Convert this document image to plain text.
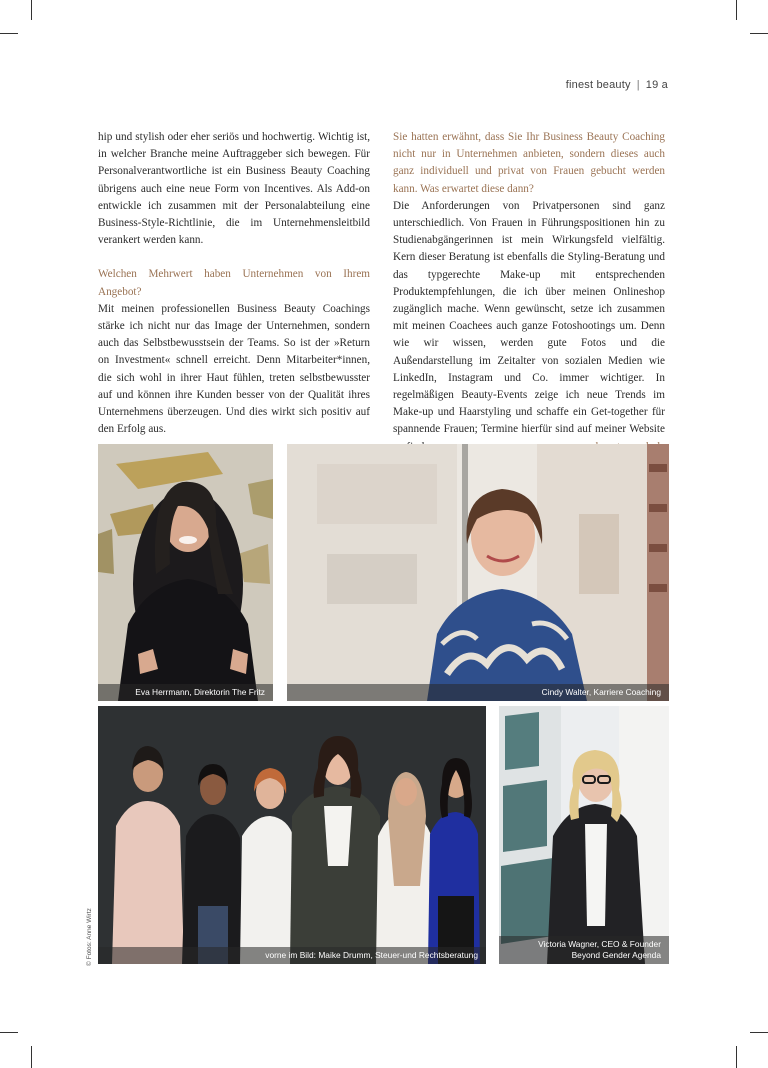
finest beauty | 19 a

hip und stylish oder eher seriös und hochwertig. Wichtig ist, in welcher Branche meine Auftraggeber sich bewegen. Für Personalverantwortliche ist ein Business Beauty Coaching übrigens auch eine neue Form von Incentives. Als Add-on entwickle ich zusammen mit der Personalabteilung eine Business-Style-Richtlinie, die im Unternehmensleitbild verankert werden kann.

Welchen Mehrwert haben Unternehmen von Ihrem Angebot?

Mit meinen professionellen Business Beauty Coachings stärke ich nicht nur das Image der Unternehmen, sondern auch das Selbstbewusstsein der Teams. So ist der »Return on Investment« schnell erreicht. Denn Mitarbeiter*innen, die sich wohl in ihrer Haut fühlen, treten selbstbewusster auf und können ihre Kunden besser von der Qualität ihres Unternehmens überzeugen. Und dies wirkt sich positiv auf den Erfolg aus.

Sie hatten erwähnt, dass Sie Ihr Business Beauty Coaching nicht nur in Unternehmen anbieten, sondern dieses auch ganz individuell und privat von Frauen gebucht werden kann. Was erwartet diese dann?

Die Anforderungen von Privatpersonen sind ganz unterschiedlich. Von Frauen in Führungspositionen hin zu Studienabgängerinnen ist mein Wirkungsfeld vielfältig. Kern dieser Beratung ist ebenfalls die Styling-Beratung und das typgerechte Make-up mit entsprechenden Produktempfehlungen, die ich über meinen Onlineshop zugänglich mache. Wenn gewünscht, setze ich zusammen mit meinen Coachees auch ganze Fotoshootings um. Denn wie wir wissen, werden gute Fotos und die Außendarstellung im Zeitalter von sozialen Medien wie LinkedIn, Instagram und Co. immer wichtiger. In regelmäßigen Beauty-Events zeige ich neue Trends im Make-up und Haarstyling und schaffe ein Get-together für spannende Frauen; Termine hierfür sind auf meiner Website

Eva Herrmann, Direktorin The Fritz	Cindy Walter, Karriere Coaching
vorne im Bild: Maike Drumm, Steuer-und Rechtsberatung
Victoria Wagner, CEO & Founder
Beyond Gender Agenda
© Fotos: Anne Wirtz
